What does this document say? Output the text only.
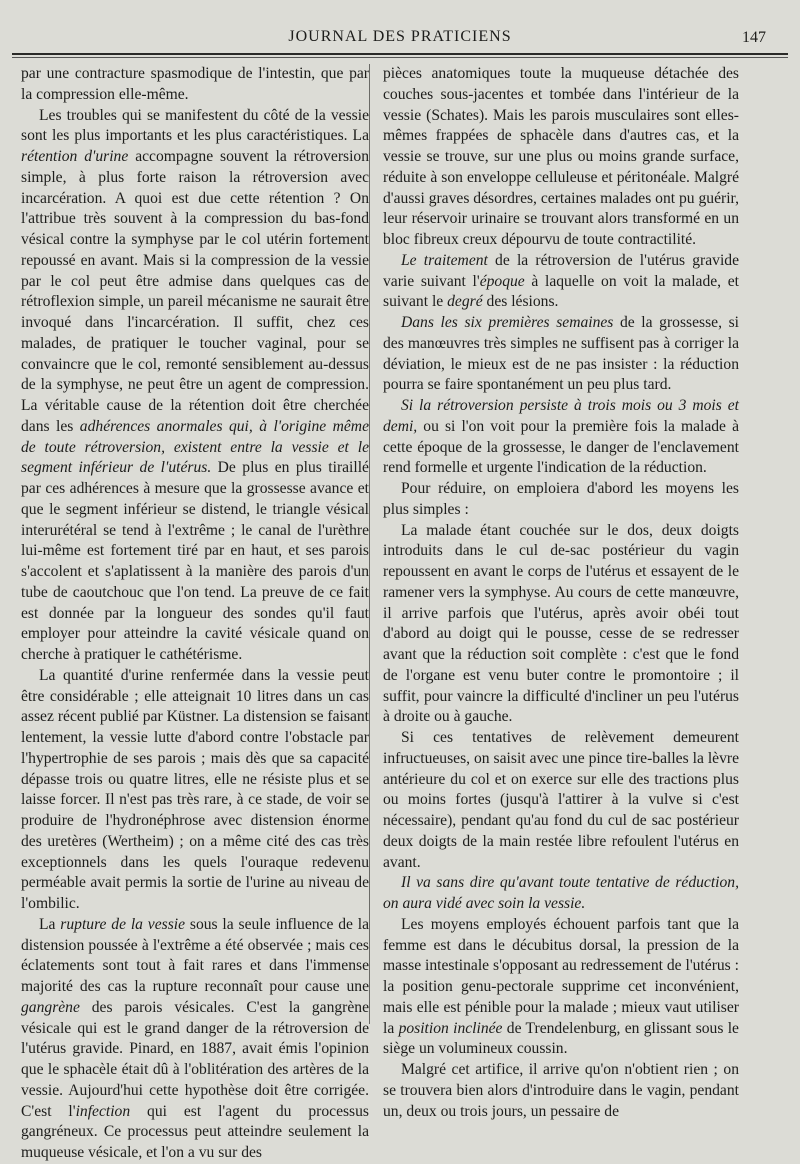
JOURNAL DES PRATICIENS	147

par une contracture spasmodique de l'intestin, que par la compression elle-même.

Les troubles qui se manifestent du côté de la vessie sont les plus importants et les plus caractéristiques. La rétention d'urine accompagne souvent la rétroversion simple, à plus forte raison la rétroversion avec incarcération. A quoi est due cette rétention ? On l'attribue très souvent à la compression du bas-fond vésical contre la symphyse par le col utérin fortement repoussé en avant. Mais si la compression de la vessie par le col peut être admise dans quelques cas de rétroflexion simple, un pareil mécanisme ne saurait être invoqué dans l'incarcération. Il suffit, chez ces malades, de pratiquer le toucher vaginal, pour se convaincre que le col, remonté sensiblement au-dessus de la symphyse, ne peut être un agent de compression. La véritable cause de la rétention doit être cherchée dans les adhérences anormales qui, à l'origine même de toute rétroversion, existent entre la vessie et le segment inférieur de l'utérus. De plus en plus tiraillé par ces adhérences à mesure que la grossesse avance et que le segment inférieur se distend, le triangle vésical interurétéral se tend à l'extrême ; le canal de l'urèthre lui-même est fortement tiré par en haut, et ses parois s'accolent et s'aplatissent à la manière des parois d'un tube de caoutchouc que l'on tend. La preuve de ce fait est donnée par la longueur des sondes qu'il faut employer pour atteindre la cavité vésicale quand on cherche à pratiquer le cathétérisme.

La quantité d'urine renfermée dans la vessie peut être considérable ; elle atteignait 10 litres dans un cas assez récent publié par Küstner. La distension se faisant lentement, la vessie lutte d'abord contre l'obstacle par l'hypertrophie de ses parois ; mais dès que sa capacité dépasse trois ou quatre litres, elle ne résiste plus et se laisse forcer. Il n'est pas très rare, à ce stade, de voir se produire de l'hydronéphrose avec distension énorme des uretères (Wertheim) ; on a même cité des cas très exceptionnels dans les quels l'ouraque redevenu perméable avait permis la sortie de l'urine au niveau de l'ombilic.

La rupture de la vessie sous la seule influence de la distension poussée à l'extrême a été observée ; mais ces éclatements sont tout à fait rares et dans l'immense majorité des cas la rupture reconnaît pour cause une gangrène des parois vésicales. C'est la gangrène vésicale qui est le grand danger de la rétroversion de l'utérus gravide. Pinard, en 1887, avait émis l'opinion que le sphacèle était dû à l'oblitération des artères de la vessie. Aujourd'hui cette hypothèse doit être corrigée. C'est l'infection qui est l'agent du processus gangréneux. Ce processus peut atteindre seulement la muqueuse vésicale, et l'on a vu sur des

pièces anatomiques toute la muqueuse détachée des couches sous-jacentes et tombée dans l'intérieur de la vessie (Schates). Mais les parois musculaires sont elles-mêmes frappées de sphacèle dans d'autres cas, et la vessie se trouve, sur une plus ou moins grande surface, réduite à son enveloppe celluleuse et péritonéale. Malgré d'aussi graves désordres, certaines malades ont pu guérir, leur réservoir urinaire se trouvant alors transformé en un bloc fibreux creux dépourvu de toute contractilité.

Le traitement de la rétroversion de l'utérus gravide varie suivant l'époque à laquelle on voit la malade, et suivant le degré des lésions.

Dans les six premières semaines de la grossesse, si des manœuvres très simples ne suffisent pas à corriger la déviation, le mieux est de ne pas insister : la réduction pourra se faire spontanément un peu plus tard.

Si la rétroversion persiste à trois mois ou 3 mois et demi, ou si l'on voit pour la première fois la malade à cette époque de la grossesse, le danger de l'enclavement rend formelle et urgente l'indication de la réduction.

Pour réduire, on emploiera d'abord les moyens les plus simples :

La malade étant couchée sur le dos, deux doigts introduits dans le cul de-sac postérieur du vagin repoussent en avant le corps de l'utérus et essayent de le ramener vers la symphyse. Au cours de cette manœuvre, il arrive parfois que l'utérus, après avoir obéi tout d'abord au doigt qui le pousse, cesse de se redresser avant que la réduction soit complète : c'est que le fond de l'organe est venu buter contre le promontoire ; il suffit, pour vaincre la difficulté d'incliner un peu l'utérus à droite ou à gauche.

Si ces tentatives de relèvement demeurent infructueuses, on saisit avec une pince tire-balles la lèvre antérieure du col et on exerce sur elle des tractions plus ou moins fortes (jusqu'à l'attirer à la vulve si c'est nécessaire), pendant qu'au fond du cul de sac postérieur deux doigts de la main restée libre refoulent l'utérus en avant.

Il va sans dire qu'avant toute tentative de réduction, on aura vidé avec soin la vessie.

Les moyens employés échouent parfois tant que la femme est dans le décubitus dorsal, la pression de la masse intestinale s'opposant au redressement de l'utérus : la position genu-pectorale supprime cet inconvénient, mais elle est pénible pour la malade ; mieux vaut utiliser la position inclinée de Trendelenburg, en glissant sous le siège un volumineux coussin.

Malgré cet artifice, il arrive qu'on n'obtient rien ; on se trouvera bien alors d'introduire dans le vagin, pendant un, deux ou trois jours, un pessaire de
